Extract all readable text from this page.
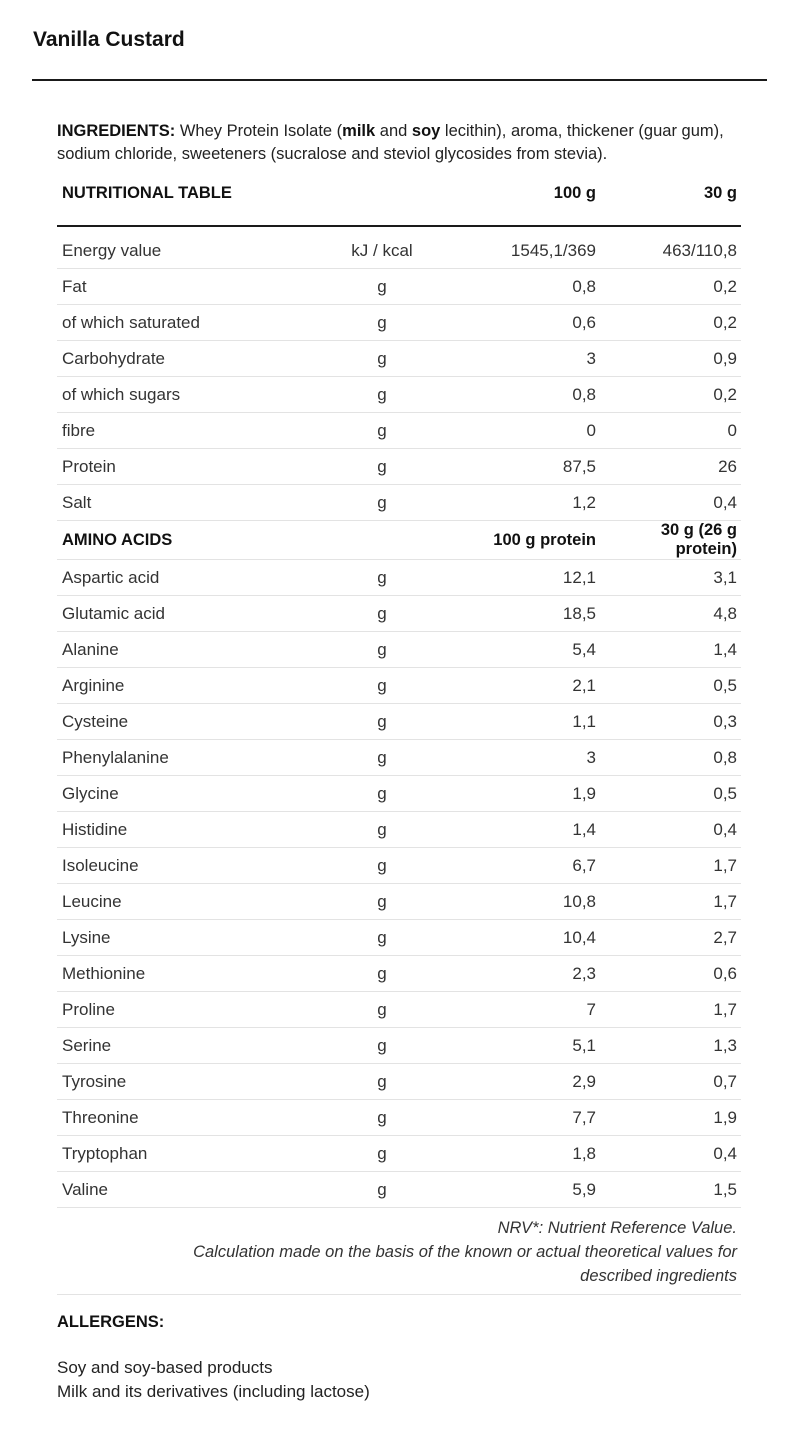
Vanilla Custard
INGREDIENTS: Whey Protein Isolate (milk and soy lecithin), aroma, thickener (guar gum), sodium chloride, sweeteners (sucralose and steviol glycosides from stevia).
NUTRITIONAL TABLE		100 g	30 g

Energy value	kJ / kcal	1545,1/369	463/110,8
Fat	g	0,8	0,2
of which saturated	g	0,6	0,2
Carbohydrate	g	3	0,9
of which sugars	g	0,8	0,2
fibre	g	0	0
Protein	g	87,5	26
Salt	g	1,2	0,4
AMINO ACIDS		100 g protein	30 g (26 g protein)
Aspartic acid	g	12,1	3,1
Glutamic acid	g	18,5	4,8
Alanine	g	5,4	1,4
Arginine	g	2,1	0,5
Cysteine	g	1,1	0,3
Phenylalanine	g	3	0,8
Glycine	g	1,9	0,5
Histidine	g	1,4	0,4
Isoleucine	g	6,7	1,7
Leucine	g	10,8	1,7
Lysine	g	10,4	2,7
Methionine	g	2,3	0,6
Proline	g	7	1,7
Serine	g	5,1	1,3
Tyrosine	g	2,9	0,7
Threonine	g	7,7	1,9
Tryptophan	g	1,8	0,4
Valine	g	5,9	1,5
NRV*: Nutrient Reference Value.
Calculation made on the basis of the known or actual theoretical values for
described ingredients
ALLERGENS:
Soy and soy-based products
Milk and its derivatives (including lactose)
